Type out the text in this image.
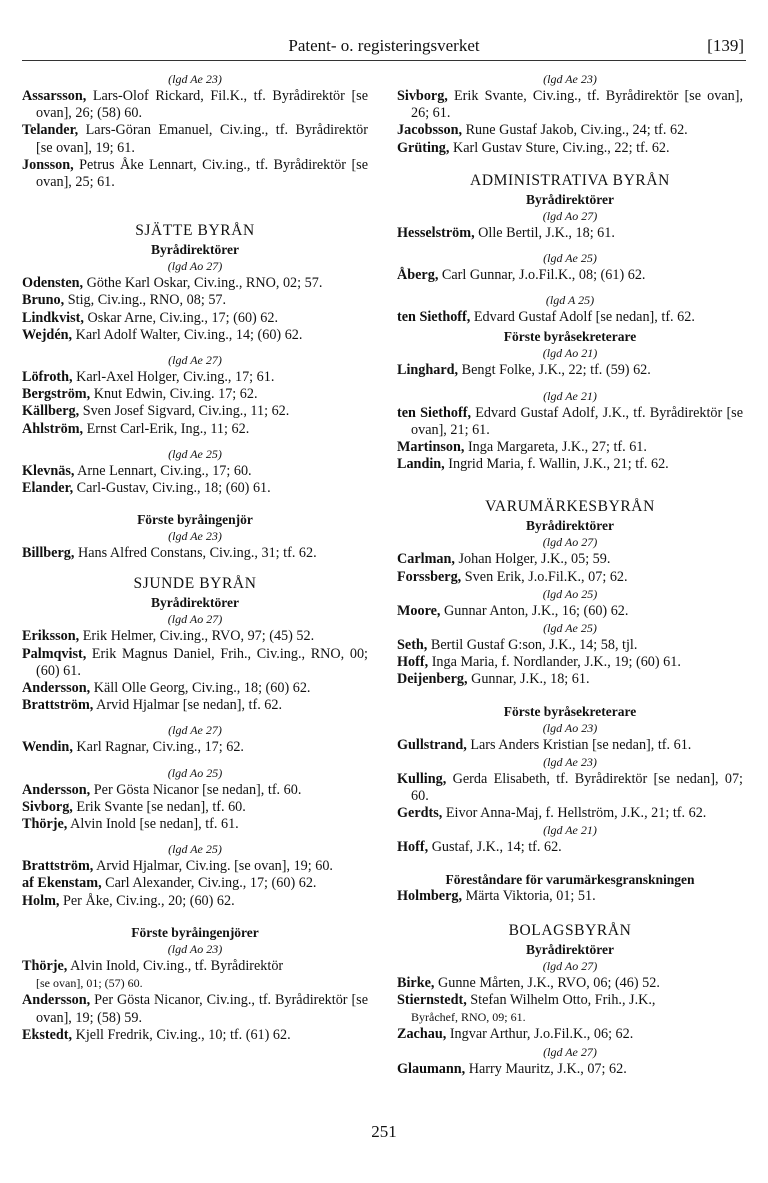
Patent- o. registeringsverket	[139]
(lgd Ae 23)
Assarsson, Lars-Olof Rickard, Fil.K., tf. Byrådirektör [se ovan], 26; (58) 60.
Telander, Lars-Göran Emanuel, Civ.ing., tf. Byrådirektör [se ovan], 19; 61.
Jonsson, Petrus Åke Lennart, Civ.ing., tf. Byrådirektör [se ovan], 25; 61.
SJÄTTE BYRÅN
Byrådirektörer
(lgd Ao 27)
Odensten, Göthe Karl Oskar, Civ.ing., RNO, 02; 57.
Bruno, Stig, Civ.ing., RNO, 08; 57.
Lindkvist, Oskar Arne, Civ.ing., 17; (60) 62.
Wejdén, Karl Adolf Walter, Civ.ing., 14; (60) 62.
(lgd Ae 27)
Löfroth, Karl-Axel Holger, Civ.ing., 17; 61.
Bergström, Knut Edwin, Civ.ing. 17; 62.
Källberg, Sven Josef Sigvard, Civ.ing., 11; 62.
Ahlström, Ernst Carl-Erik, Ing., 11; 62.
(lgd Ae 25)
Klevnäs, Arne Lennart, Civ.ing., 17; 60.
Elander, Carl-Gustav, Civ.ing., 18; (60) 61.
Förste byråingenjör
(lgd Ae 23)
Billberg, Hans Alfred Constans, Civ.ing., 31; tf. 62.
SJUNDE BYRÅN
Byrådirektörer
(lgd Ao 27)
Eriksson, Erik Helmer, Civ.ing., RVO, 97; (45) 52.
Palmqvist, Erik Magnus Daniel, Frih., Civ.ing., RNO, 00; (60) 61.
Andersson, Käll Olle Georg, Civ.ing., 18; (60) 62.
Brattström, Arvid Hjalmar [se nedan], tf. 62.
(lgd Ae 27)
Wendin, Karl Ragnar, Civ.ing., 17; 62.
(lgd Ao 25)
Andersson, Per Gösta Nicanor [se nedan], tf. 60.
Sivborg, Erik Svante [se nedan], tf. 60.
Thörje, Alvin Inold [se nedan], tf. 61.
(lgd Ae 25)
Brattström, Arvid Hjalmar, Civ.ing. [se ovan], 19; 60.
af Ekenstam, Carl Alexander, Civ.ing., 17; (60) 62.
Holm, Per Åke, Civ.ing., 20; (60) 62.
Förste byråingenjörer
(lgd Ao 23)
Thörje, Alvin Inold, Civ.ing., tf. Byrådirektör
[se ovan], 01; (57) 60.
Andersson, Per Gösta Nicanor, Civ.ing., tf. Byrådirektör [se ovan], 19; (58) 59.
Ekstedt, Kjell Fredrik, Civ.ing., 10; tf. (61) 62.
(lgd Ae 23)
Sivborg, Erik Svante, Civ.ing., tf. Byrådirektör [se ovan], 26; 61.
Jacobsson, Rune Gustaf Jakob, Civ.ing., 24; tf. 62.
Grüting, Karl Gustav Sture, Civ.ing., 22; tf. 62.
ADMINISTRATIVA BYRÅN
Byrådirektörer
(lgd Ao 27)
Hesselström, Olle Bertil, J.K., 18; 61.
(lgd Ae 25)
Åberg, Carl Gunnar, J.o.Fil.K., 08; (61) 62.
(lgd A 25)
ten Siethoff, Edvard Gustaf Adolf [se nedan], tf. 62.
Förste byråsekreterare
(lgd Ao 21)
Linghard, Bengt Folke, J.K., 22; tf. (59) 62.
(lgd Ae 21)
ten Siethoff, Edvard Gustaf Adolf, J.K., tf. Byrådirektör [se ovan], 21; 61.
Martinson, Inga Margareta, J.K., 27; tf. 61.
Landin, Ingrid Maria, f. Wallin, J.K., 21; tf. 62.
VARUMÄRKESBYRÅN
Byrådirektörer
(lgd Ao 27)
Carlman, Johan Holger, J.K., 05; 59.
Forssberg, Sven Erik, J.o.Fil.K., 07; 62.
(lgd Ao 25)
Moore, Gunnar Anton, J.K., 16; (60) 62.
(lgd Ae 25)
Seth, Bertil Gustaf G:son, J.K., 14; 58, tjl.
Hoff, Inga Maria, f. Nordlander, J.K., 19; (60) 61.
Deijenberg, Gunnar, J.K., 18; 61.
Förste byråsekreterare
(lgd Ao 23)
Gullstrand, Lars Anders Kristian [se nedan], tf. 61.
(lgd Ae 23)
Kulling, Gerda Elisabeth, tf. Byrådirektör [se nedan], 07; 60.
Gerdts, Eivor Anna-Maj, f. Hellström, J.K., 21; tf. 62.
(lgd Ae 21)
Hoff, Gustaf, J.K., 14; tf. 62.
Föreståndare för varumärkesgranskningen
Holmberg, Märta Viktoria, 01; 51.
BOLAGSBYRÅN
Byrådirektörer
(lgd Ao 27)
Birke, Gunne Mårten, J.K., RVO, 06; (46) 52.
Stiernstedt, Stefan Wilhelm Otto, Frih., J.K.,
Byråchef, RNO, 09; 61.
Zachau, Ingvar Arthur, J.o.Fil.K., 06; 62.
(lgd Ae 27)
Glaumann, Harry Mauritz, J.K., 07; 62.
251
